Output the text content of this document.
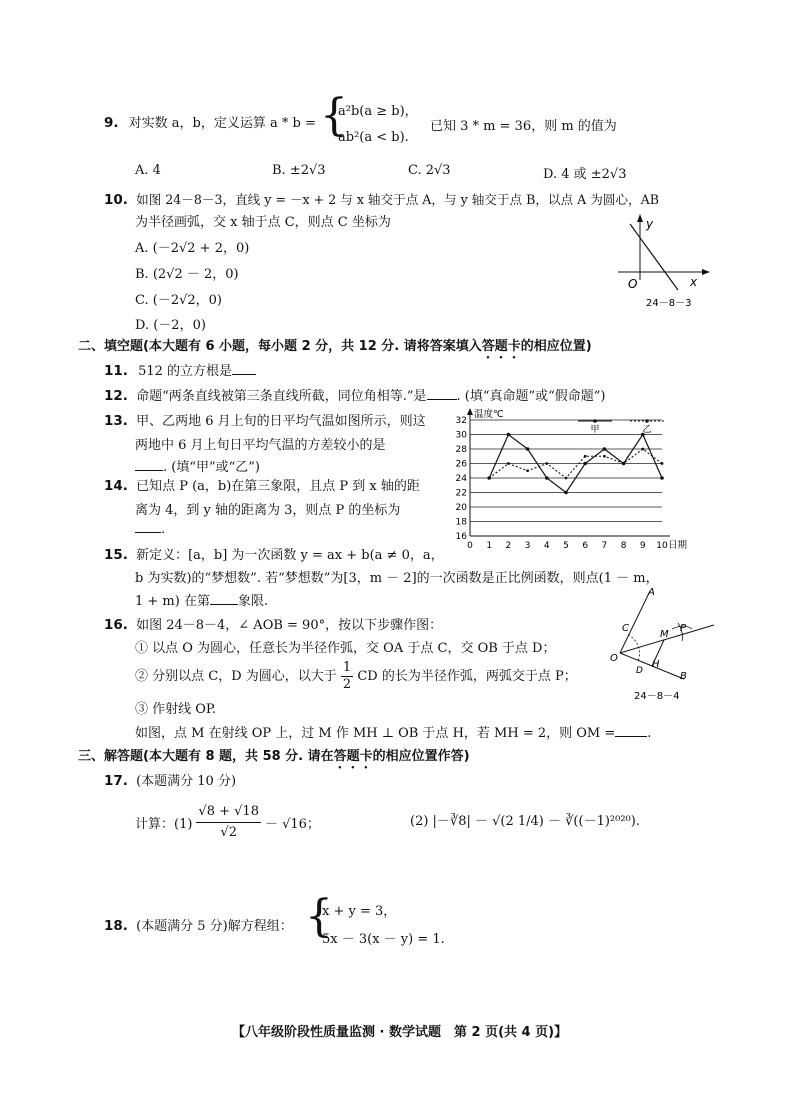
9. 对实数 a，b，定义运算 a * b = {
a²b(a ≥ b)，
ab²(a < b).
已知 3 * m = 36，则 m 的值为
A. 4	B. ±2√3	C. 2√3	D. 4 或 ±2√3
10. 如图 24－8－3，直线 y = －x + 2 与 x 轴交于点 A，与 y 轴交于点 B，以点 A 为圆心，AB
为半径画弧，交 x 轴于点 C，则点 C 坐标为
A. (－2√2 + 2，0)
B. (2√2 － 2，0)
C. (－2√2，0)
D. (－2，0)
y
x
O
24－8－3
二、填空题(本大题有 6 小题，每小题 2 分，共 12 分. 请将答案填入答题卡的相应位置)
11. 512 的立方根是
12. 命题“两条直线被第三条直线所截，同位角相等.”是 . (填“真命题”或“假命题”)
13. 甲、乙两地 6 月上旬的日平均气温如图所示，则这
两地中 6 月上旬日平均气温的方差较小的是
. (填“甲”或“乙”)
16
18
20
22
24
26
28
30
32
0 1 2 3 4 5 6 7 8 9 10
温度℃
日期
甲	乙
14. 已知点 P (a，b)在第三象限，且点 P 到 x 轴的距
离为 4，到 y 轴的距离为 3，则点 P 的坐标为
.
15. 新定义：[a，b] 为一次函数 y = ax + b(a ≠ 0，a，
b 为实数)的“梦想数”. 若“梦想数”为[3，m － 2]的一次函数是正比例函数，则点(1 － m，
1 + m) 在第 象限.
16. 如图 24－8－4，∠ AOB = 90°，按以下步骤作图：
① 以点 O 为圆心，任意长为半径作弧，交 OA 于点 C，交 OB 于点 D；
② 分别以点 C，D 为圆心，以大于 $\frac{1}{2}$ CD 的长为半径作弧，两弧交于点 P；
③ 作射线 OP.
如图，点 M 在射线 OP 上，过 M 作 MH ⊥ OB 于点 H，若 MH = 2，则 OM = .
A
C
M
P
O
D
H
B
24－8－4
三、解答题(本大题有 8 题，共 58 分. 请在答题卡的相应位置作答)
17. (本题满分 10 分)
计算：$(1) \frac{√8 + √18}{√2} - √16$；	(2) |－∛8| － √(2 1/4) － ∛((－1)²⁰²⁰).
18. (本题满分 5 分)解方程组： {
x + y = 3，
5x － 3(x － y) = 1.
【八年级阶段性质量监测 · 数学试题　第 2 页(共 4 页)】
